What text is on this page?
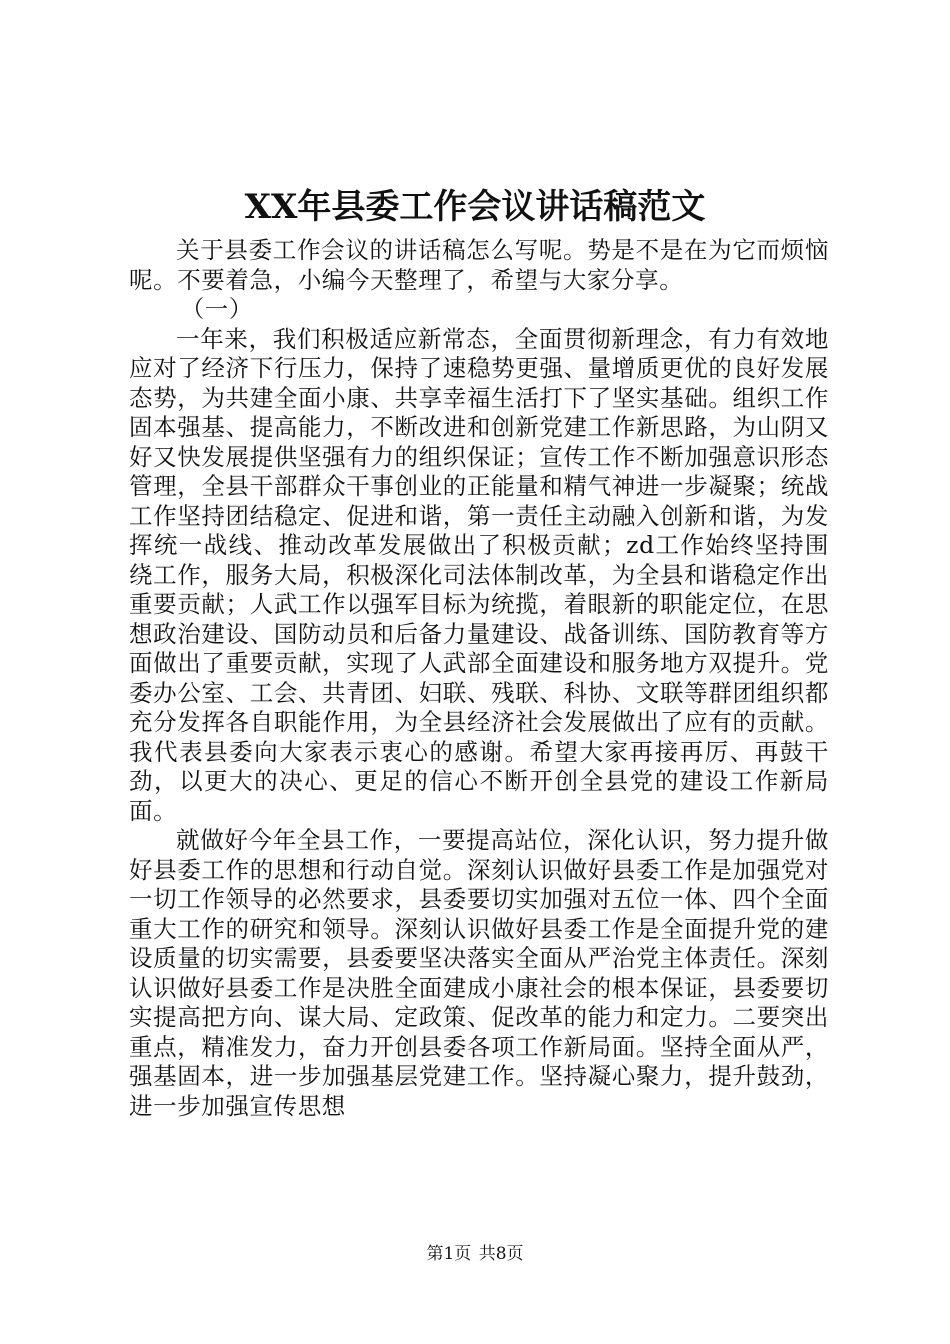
XX年县委工作会议讲话稿范文

关于县委工作会议的讲话稿怎么写呢。势是不是在为它而烦恼呢。不要着急，小编今天整理了，希望与大家分享。

（一）

一年来，我们积极适应新常态，全面贯彻新理念，有力有效地应对了经济下行压力，保持了速稳势更强、量增质更优的良好发展态势，为共建全面小康、共享幸福生活打下了坚实基础。组织工作固本强基、提高能力，不断改进和创新党建工作新思路，为山阴又好又快发展提供坚强有力的组织保证；宣传工作不断加强意识形态管理，全县干部群众干事创业的正能量和精气神进一步凝聚；统战工作坚持团结稳定、促进和谐，第一责任主动融入创新和谐，为发挥统一战线、推动改革发展做出了积极贡献；zd工作始终坚持围绕工作，服务大局，积极深化司法体制改革，为全县和谐稳定作出重要贡献；人武工作以强军目标为统揽，着眼新的职能定位，在思想政治建设、国防动员和后备力量建设、战备训练、国防教育等方面做出了重要贡献，实现了人武部全面建设和服务地方双提升。党委办公室、工会、共青团、妇联、残联、科协、文联等群团组织都充分发挥各自职能作用，为全县经济社会发展做出了应有的贡献。我代表县委向大家表示衷心的感谢。希望大家再接再厉、再鼓干劲，以更大的决心、更足的信心不断开创全县党的建设工作新局面。

就做好今年全县工作，一要提高站位，深化认识，努力提升做好县委工作的思想和行动自觉。深刻认识做好县委工作是加强党对一切工作领导的必然要求，县委要切实加强对五位一体、四个全面重大工作的研究和领导。深刻认识做好县委工作是全面提升党的建设质量的切实需要，县委要坚决落实全面从严治党主体责任。深刻认识做好县委工作是决胜全面建成小康社会的根本保证，县委要切实提高把方向、谋大局、定政策、促改革的能力和定力。二要突出重点，精准发力，奋力开创县委各项工作新局面。坚持全面从严，强基固本，进一步加强基层党建工作。坚持凝心聚力，提升鼓劲，进一步加强宣传思想

第1页 共8页
